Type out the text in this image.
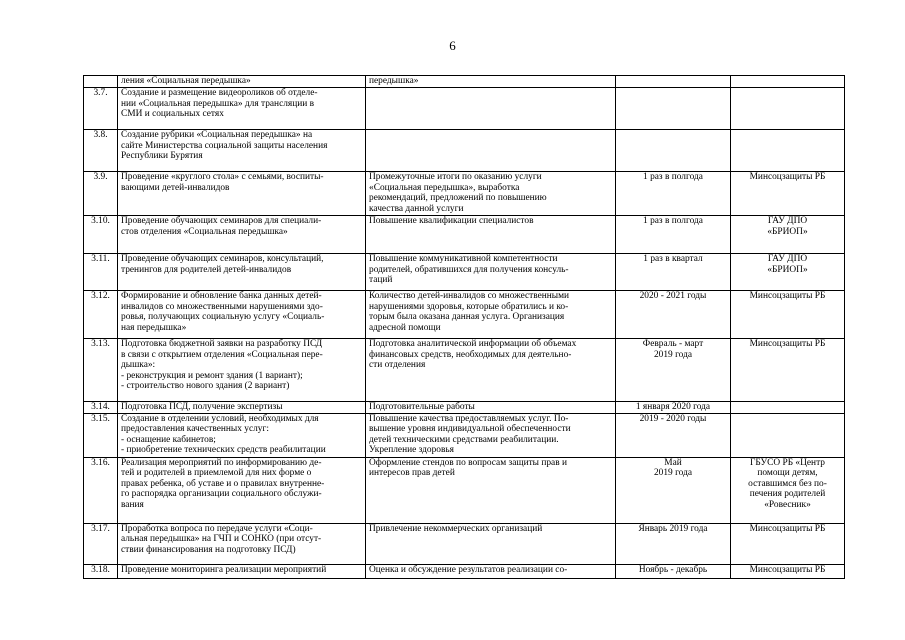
6

	ления «Социальная передышка»	передышка»		

3.7.	Создание и размещение видеороликов об отделе-
нии «Социальная передышка» для трансляции в
СМИ и социальных сетях			

3.8.	Создание рубрики «Социальная передышка» на
сайте Министерства социальной защиты населения
Республики Бурятия			

3.9.	Проведение «круглого стола» с семьями, воспиты-
вающими детей-инвалидов	Промежуточные итоги по оказанию услуги
«Социальная передышка», выработка
рекомендаций, предложений по повышению
качества данной услуги	1 раз в полгода	Минсоцзащиты РБ

3.10.	Проведение обучающих семинаров для специали-
стов отделения «Социальная передышка»	Повышение квалификации специалистов	1 раз в полгода	ГАУ ДПО
«БРИОП»

3.11.	Проведение обучающих семинаров, консультаций,
тренингов для родителей детей-инвалидов	Повышение коммуникативной компетентности
родителей, обратившихся для получения консуль-
таций	1 раз в квартал	ГАУ ДПО
«БРИОП»

3.12.	Формирование и обновление банка данных детей-
инвалидов со множественными нарушениями здо-
ровья, получающих социальную услугу «Социаль-
ная передышка»	Количество детей-инвалидов со множественными
нарушениями здоровья, которые обратились и ко-
торым была оказана данная услуга. Организация
адресной помощи	2020 - 2021 годы	Минсоцзащиты РБ

3.13.	Подготовка бюджетной заявки на разработку ПСД
в связи с открытием отделения «Социальная пере-
дышка»:
- реконструкция и ремонт здания (1 вариант);
- строительство нового здания (2 вариант)	Подготовка аналитической информации об объемах
финансовых средств, необходимых для деятельно-
сти отделения	Февраль - март
2019 года	Минсоцзащиты РБ

3.14.	Подготовка ПСД, получение экспертизы	Подготовительные работы	1 января 2020 года	

3.15.	Создание в отделении условий, необходимых для
предоставления качественных услуг:
- оснащение кабинетов;
- приобретение технических средств реабилитации	Повышение качества предоставляемых услуг. По-
вышение уровня индивидуальной обеспеченности
детей техническими средствами реабилитации.
Укрепление здоровья	2019 - 2020 годы	

3.16.	Реализация мероприятий по информированию де-
тей и родителей в приемлемой для них форме о
правах ребенка, об уставе и о правилах внутренне-
го распорядка организации социального обслужи-
вания	Оформление стендов по вопросам защиты прав и
интересов прав детей	Май
2019 года	ГБУСО РБ «Центр
помощи детям,
оставшимся без по-
печения родителей
«Ровесник»

3.17.	Проработка вопроса по передаче услуги «Соци-
альная передышка» на ГЧП и СОНКО (при отсут-
ствии финансирования на подготовку ПСД)	Привлечение некоммерческих организаций	Январь 2019 года	Минсоцзащиты РБ

3.18.	Проведение мониторинга реализации мероприятий	Оценка и обсуждение результатов реализации со-	Ноябрь - декабрь	Минсоцзащиты РБ
